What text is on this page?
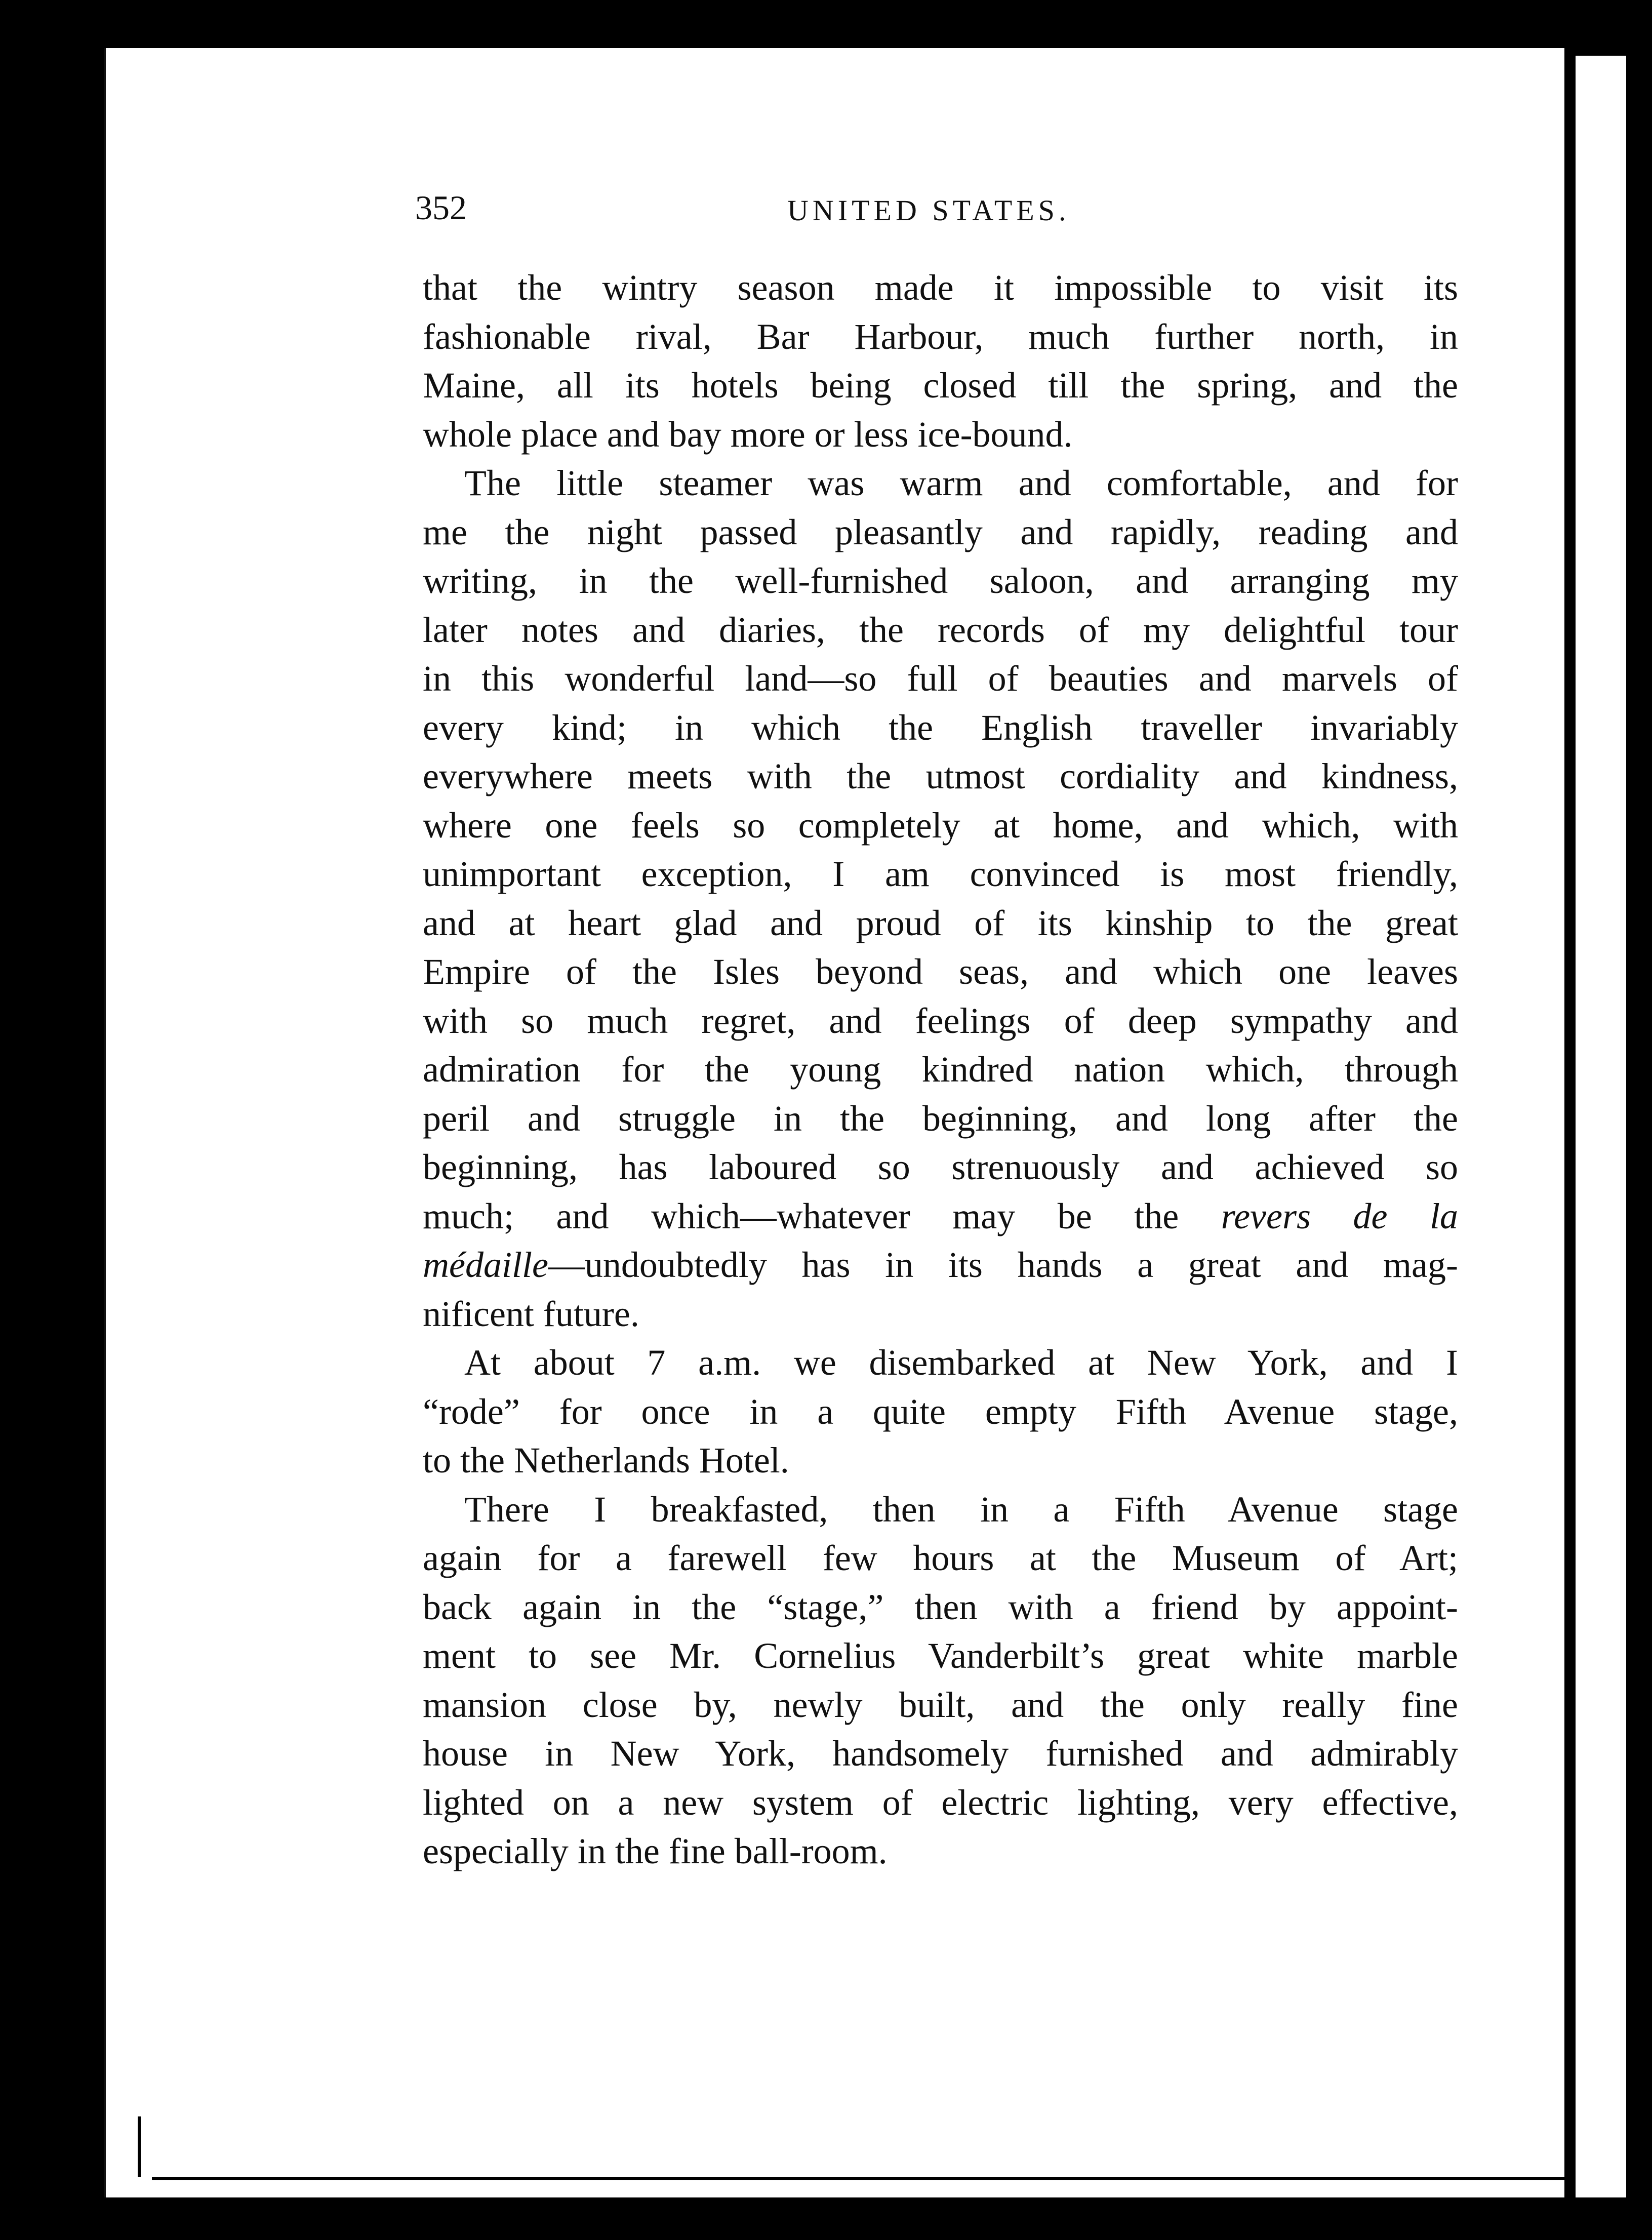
352	UNITED STATES.

that the wintry season made it impossible to visit its
fashionable rival, Bar Harbour, much further north, in
Maine, all its hotels being closed till the spring, and the
whole place and bay more or less ice-bound.

The little steamer was warm and comfortable, and for
me the night passed pleasantly and rapidly, reading and
writing, in the well-furnished saloon, and arranging my
later notes and diaries, the records of my delightful tour
in this wonderful land—so full of beauties and marvels of
every kind; in which the English traveller invariably
everywhere meets with the utmost cordiality and kindness,
where one feels so completely at home, and which, with
unimportant exception, I am convinced is most friendly,
and at heart glad and proud of its kinship to the great
Empire of the Isles beyond seas, and which one leaves
with so much regret, and feelings of deep sympathy and
admiration for the young kindred nation which, through
peril and struggle in the beginning, and long after the
beginning, has laboured so strenuously and achieved so
much; and which—whatever may be the revers de la
médaille—undoubtedly has in its hands a great and mag-
nificent future.

At about 7 a.m. we disembarked at New York, and I
“rode” for once in a quite empty Fifth Avenue stage,
to the Netherlands Hotel.

There I breakfasted, then in a Fifth Avenue stage
again for a farewell few hours at the Museum of Art;
back again in the “stage,” then with a friend by appoint-
ment to see Mr. Cornelius Vanderbilt’s great white marble
mansion close by, newly built, and the only really fine
house in New York, handsomely furnished and admirably
lighted on a new system of electric lighting, very effective,
especially in the fine ball-room.
